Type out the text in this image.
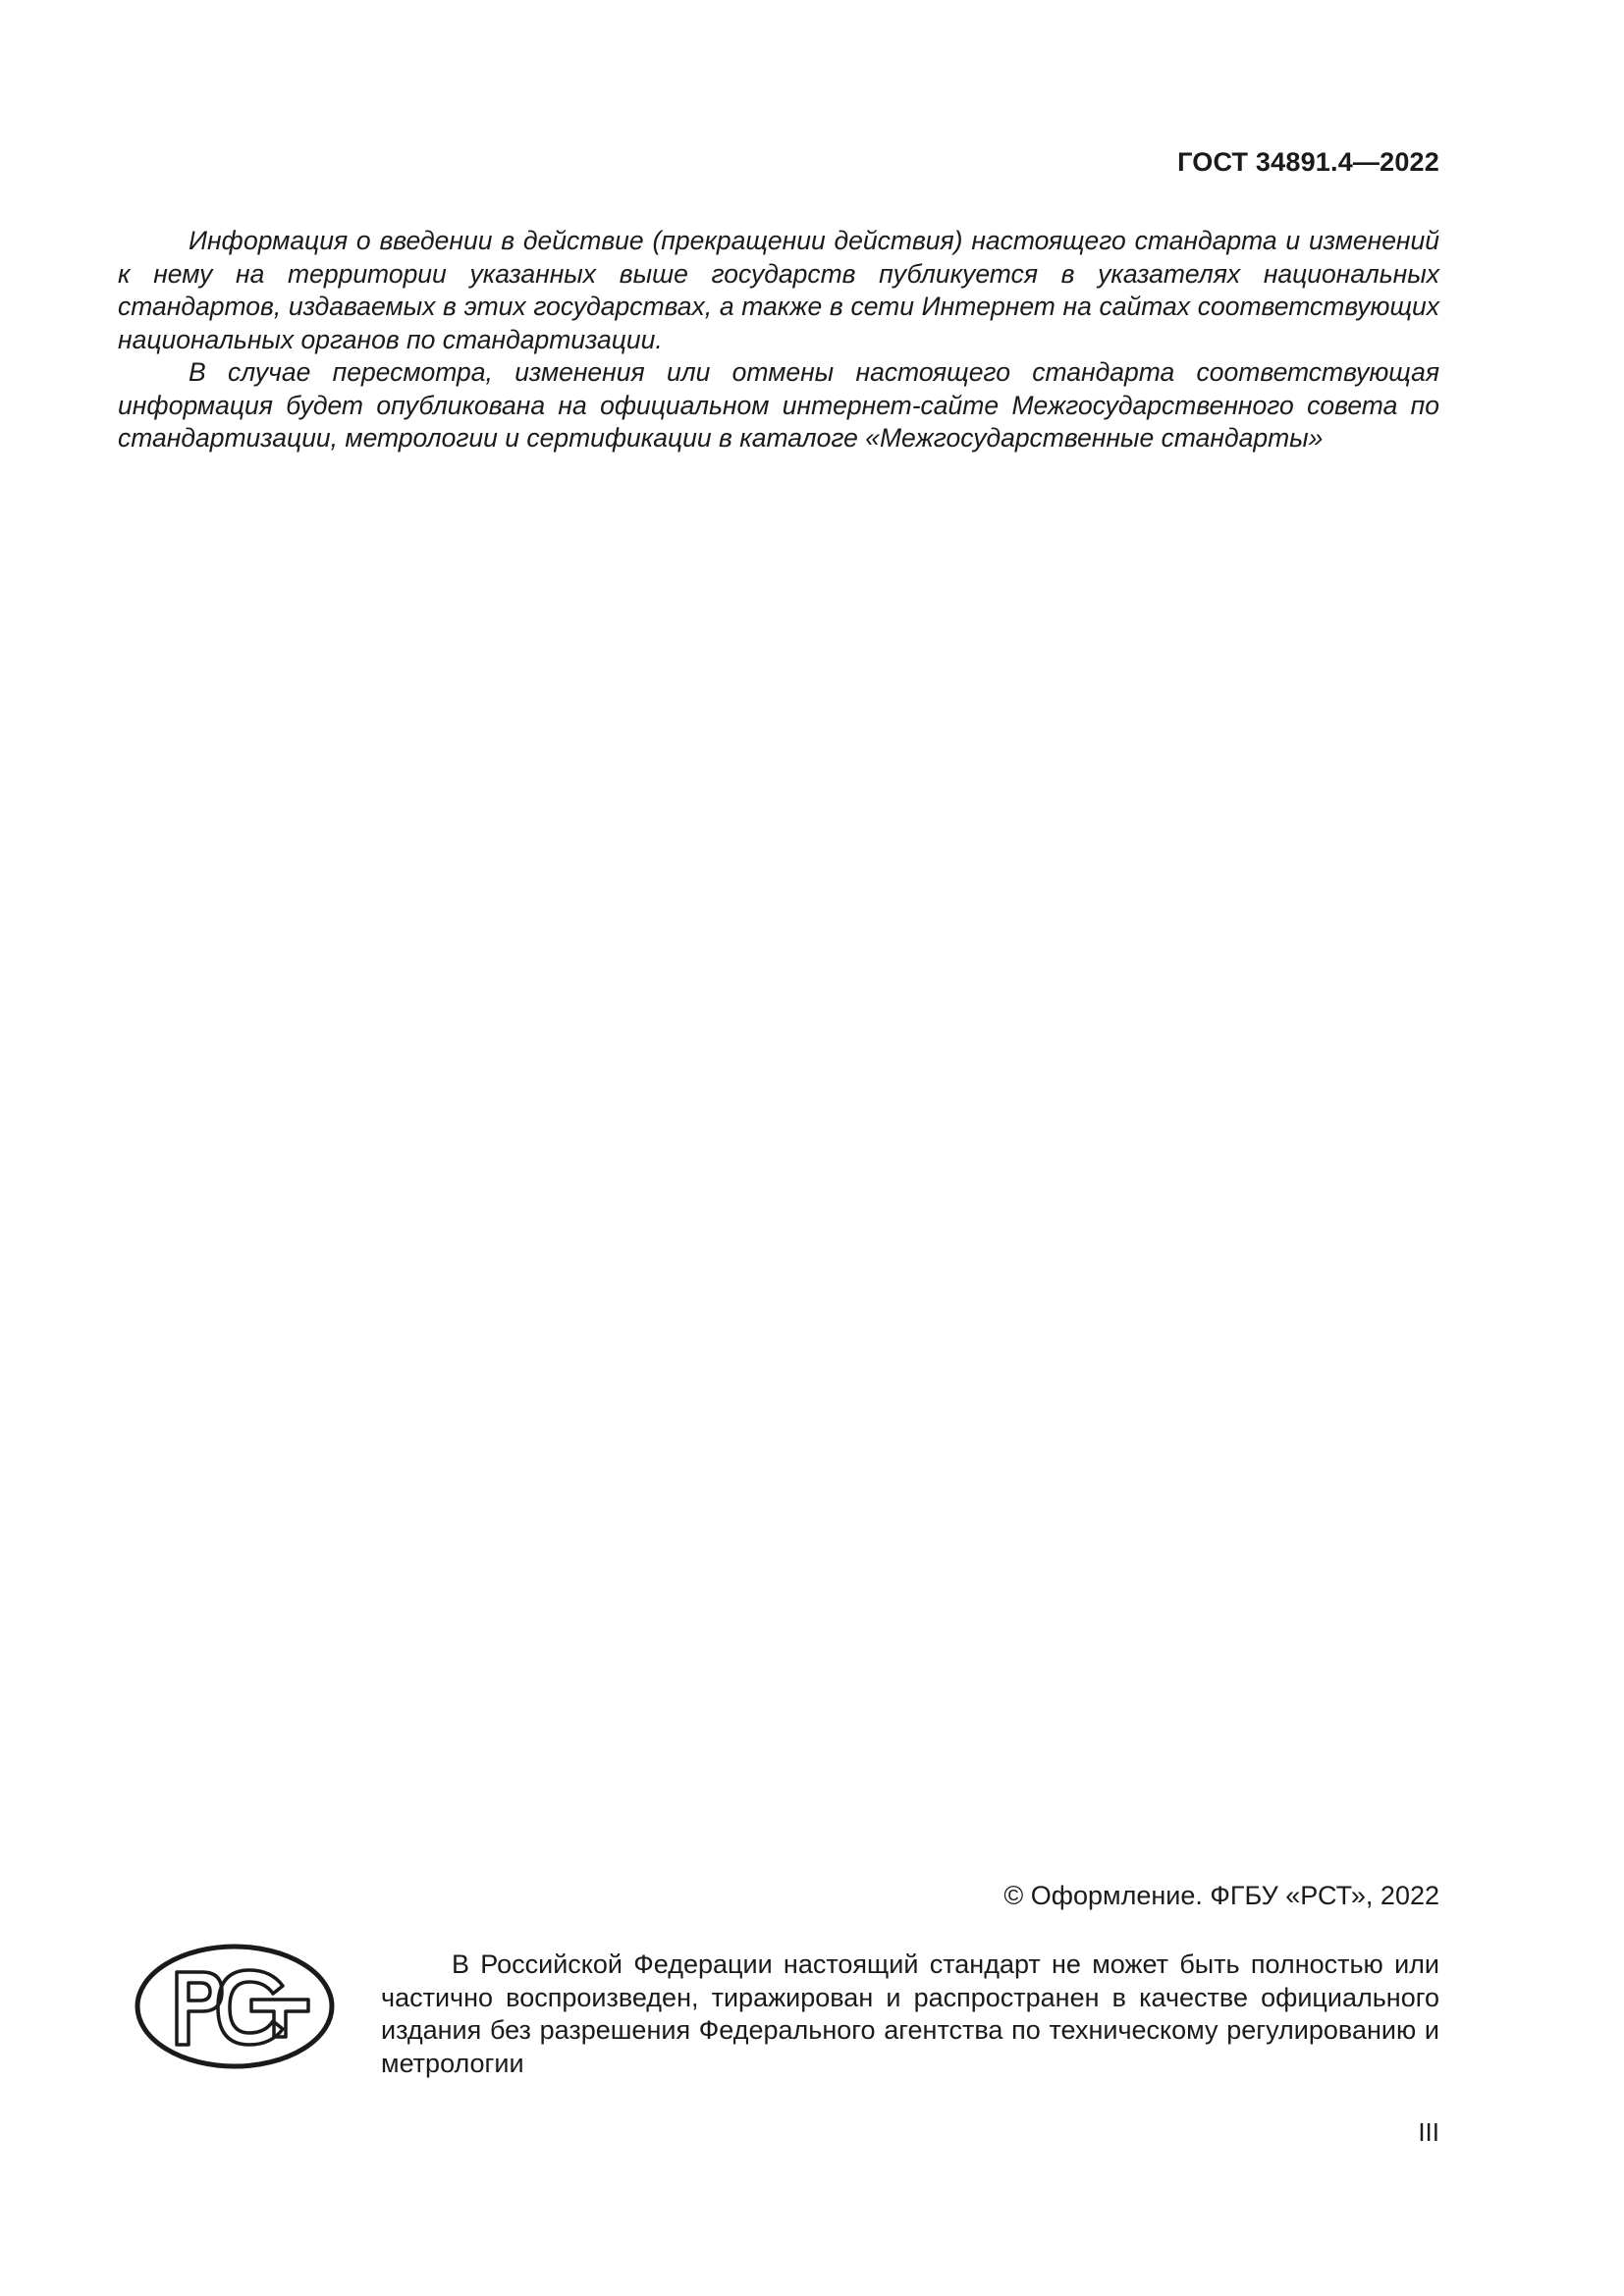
ГОСТ 34891.4—2022

Информация о введении в действие (прекращении действия) настоящего стандарта и изменений к нему на территории указанных выше государств публикуется в указателях национальных стандартов, издаваемых в этих государствах, а также в сети Интернет на сайтах соответствующих национальных органов по стандартизации.

В случае пересмотра, изменения или отмены настоящего стандарта соответствующая информация будет опубликована на официальном интернет-сайте Межгосударственного совета по стандартизации, метрологии и сертификации в каталоге «Межгосударственные стандарты»

© Оформление. ФГБУ «РСТ», 2022

В Российской Федерации настоящий стандарт не может быть полностью или частично воспроизведен, тиражирован и распространен в качестве официального издания без разрешения Федерального агентства по техническому регулированию и метрологии

III
